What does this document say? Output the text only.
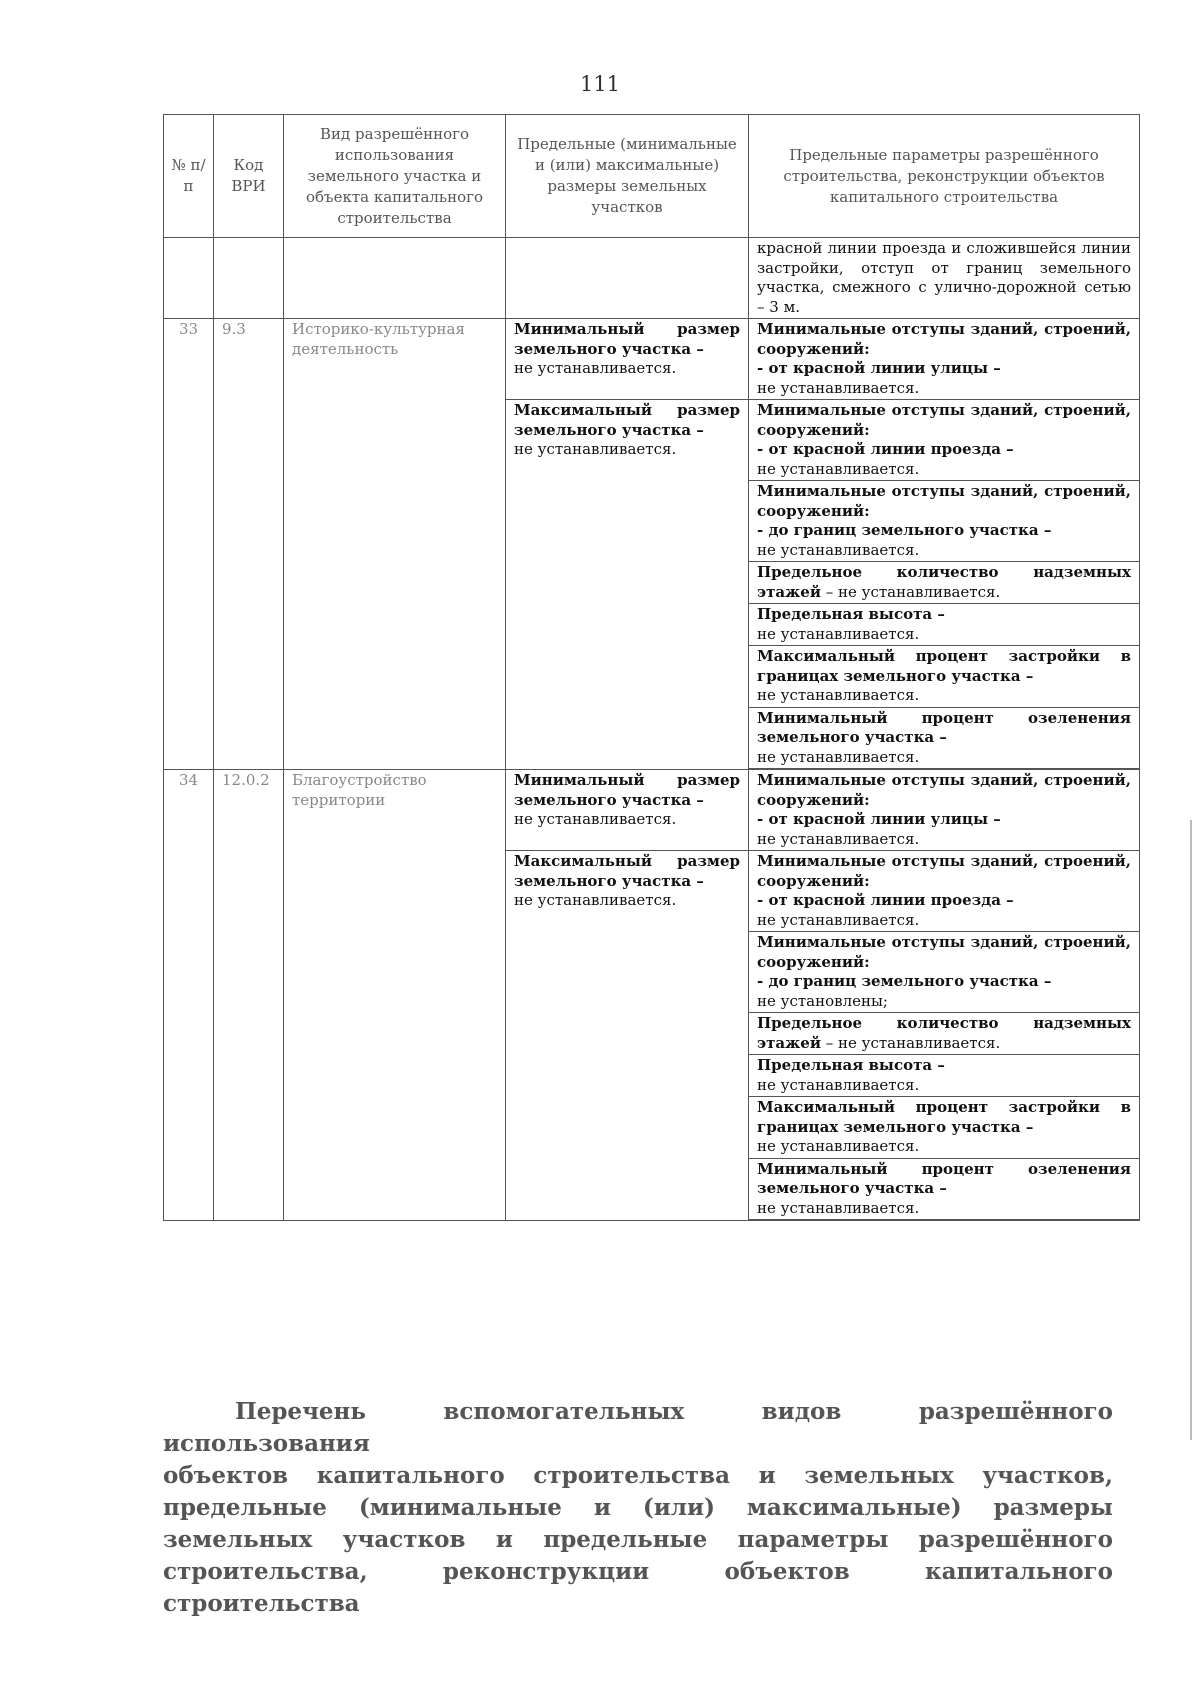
111
№ п/п	Код ВРИ	Вид разрешённого использования земельного участка и объекта капитального строительства	Предельные (минимальные и (или) максимальные) размеры земельных участков	Предельные параметры разрешённого строительства, реконструкции объектов капитального строительства
				красной линии проезда и сложившейся линии застройки, отступ от границ земельного участка, смежного с улично-дорожной сетью – 3 м.
33	9.3	Историко-культурная деятельность	Минимальный размер земельного участка –
не устанавливается.	Минимальные отступы зданий, строений, сооружений:
- от красной линии улицы –
не устанавливается.
			Максимальный размер земельного участка –
не устанавливается.	Минимальные отступы зданий, строений, сооружений:
- от красной линии проезда –
не устанавливается.
				Минимальные отступы зданий, строений, сооружений:
- до границ земельного участка –
не устанавливается.
				Предельное количество надземных этажей – не устанавливается.
				Предельная высота –
не устанавливается.
				Максимальный процент застройки в границах земельного участка –
не устанавливается.
				Минимальный процент озеленения земельного участка –
не устанавливается.

34	12.0.2	Благоустройство территории	Минимальный размер земельного участка –
не устанавливается.	Минимальные отступы зданий, строений, сооружений:
- от красной линии улицы –
не устанавливается.
			Максимальный размер земельного участка –
не устанавливается.	Минимальные отступы зданий, строений, сооружений:
- от красной линии проезда –
не устанавливается.
				Минимальные отступы зданий, строений, сооружений:
- до границ земельного участка –
не установлены;
				Предельное количество надземных этажей – не устанавливается.
				Предельная высота –
не устанавливается.
				Максимальный процент застройки в границах земельного участка –
не устанавливается.
				Минимальный процент озеленения земельного участка –
не устанавливается.

Перечень вспомогательных видов разрешённого использования
объектов капитального строительства и земельных участков, предельные (минимальные и (или) максимальные) размеры земельных участков и предельные параметры разрешённого строительства, реконструкции объектов капитального строительства
